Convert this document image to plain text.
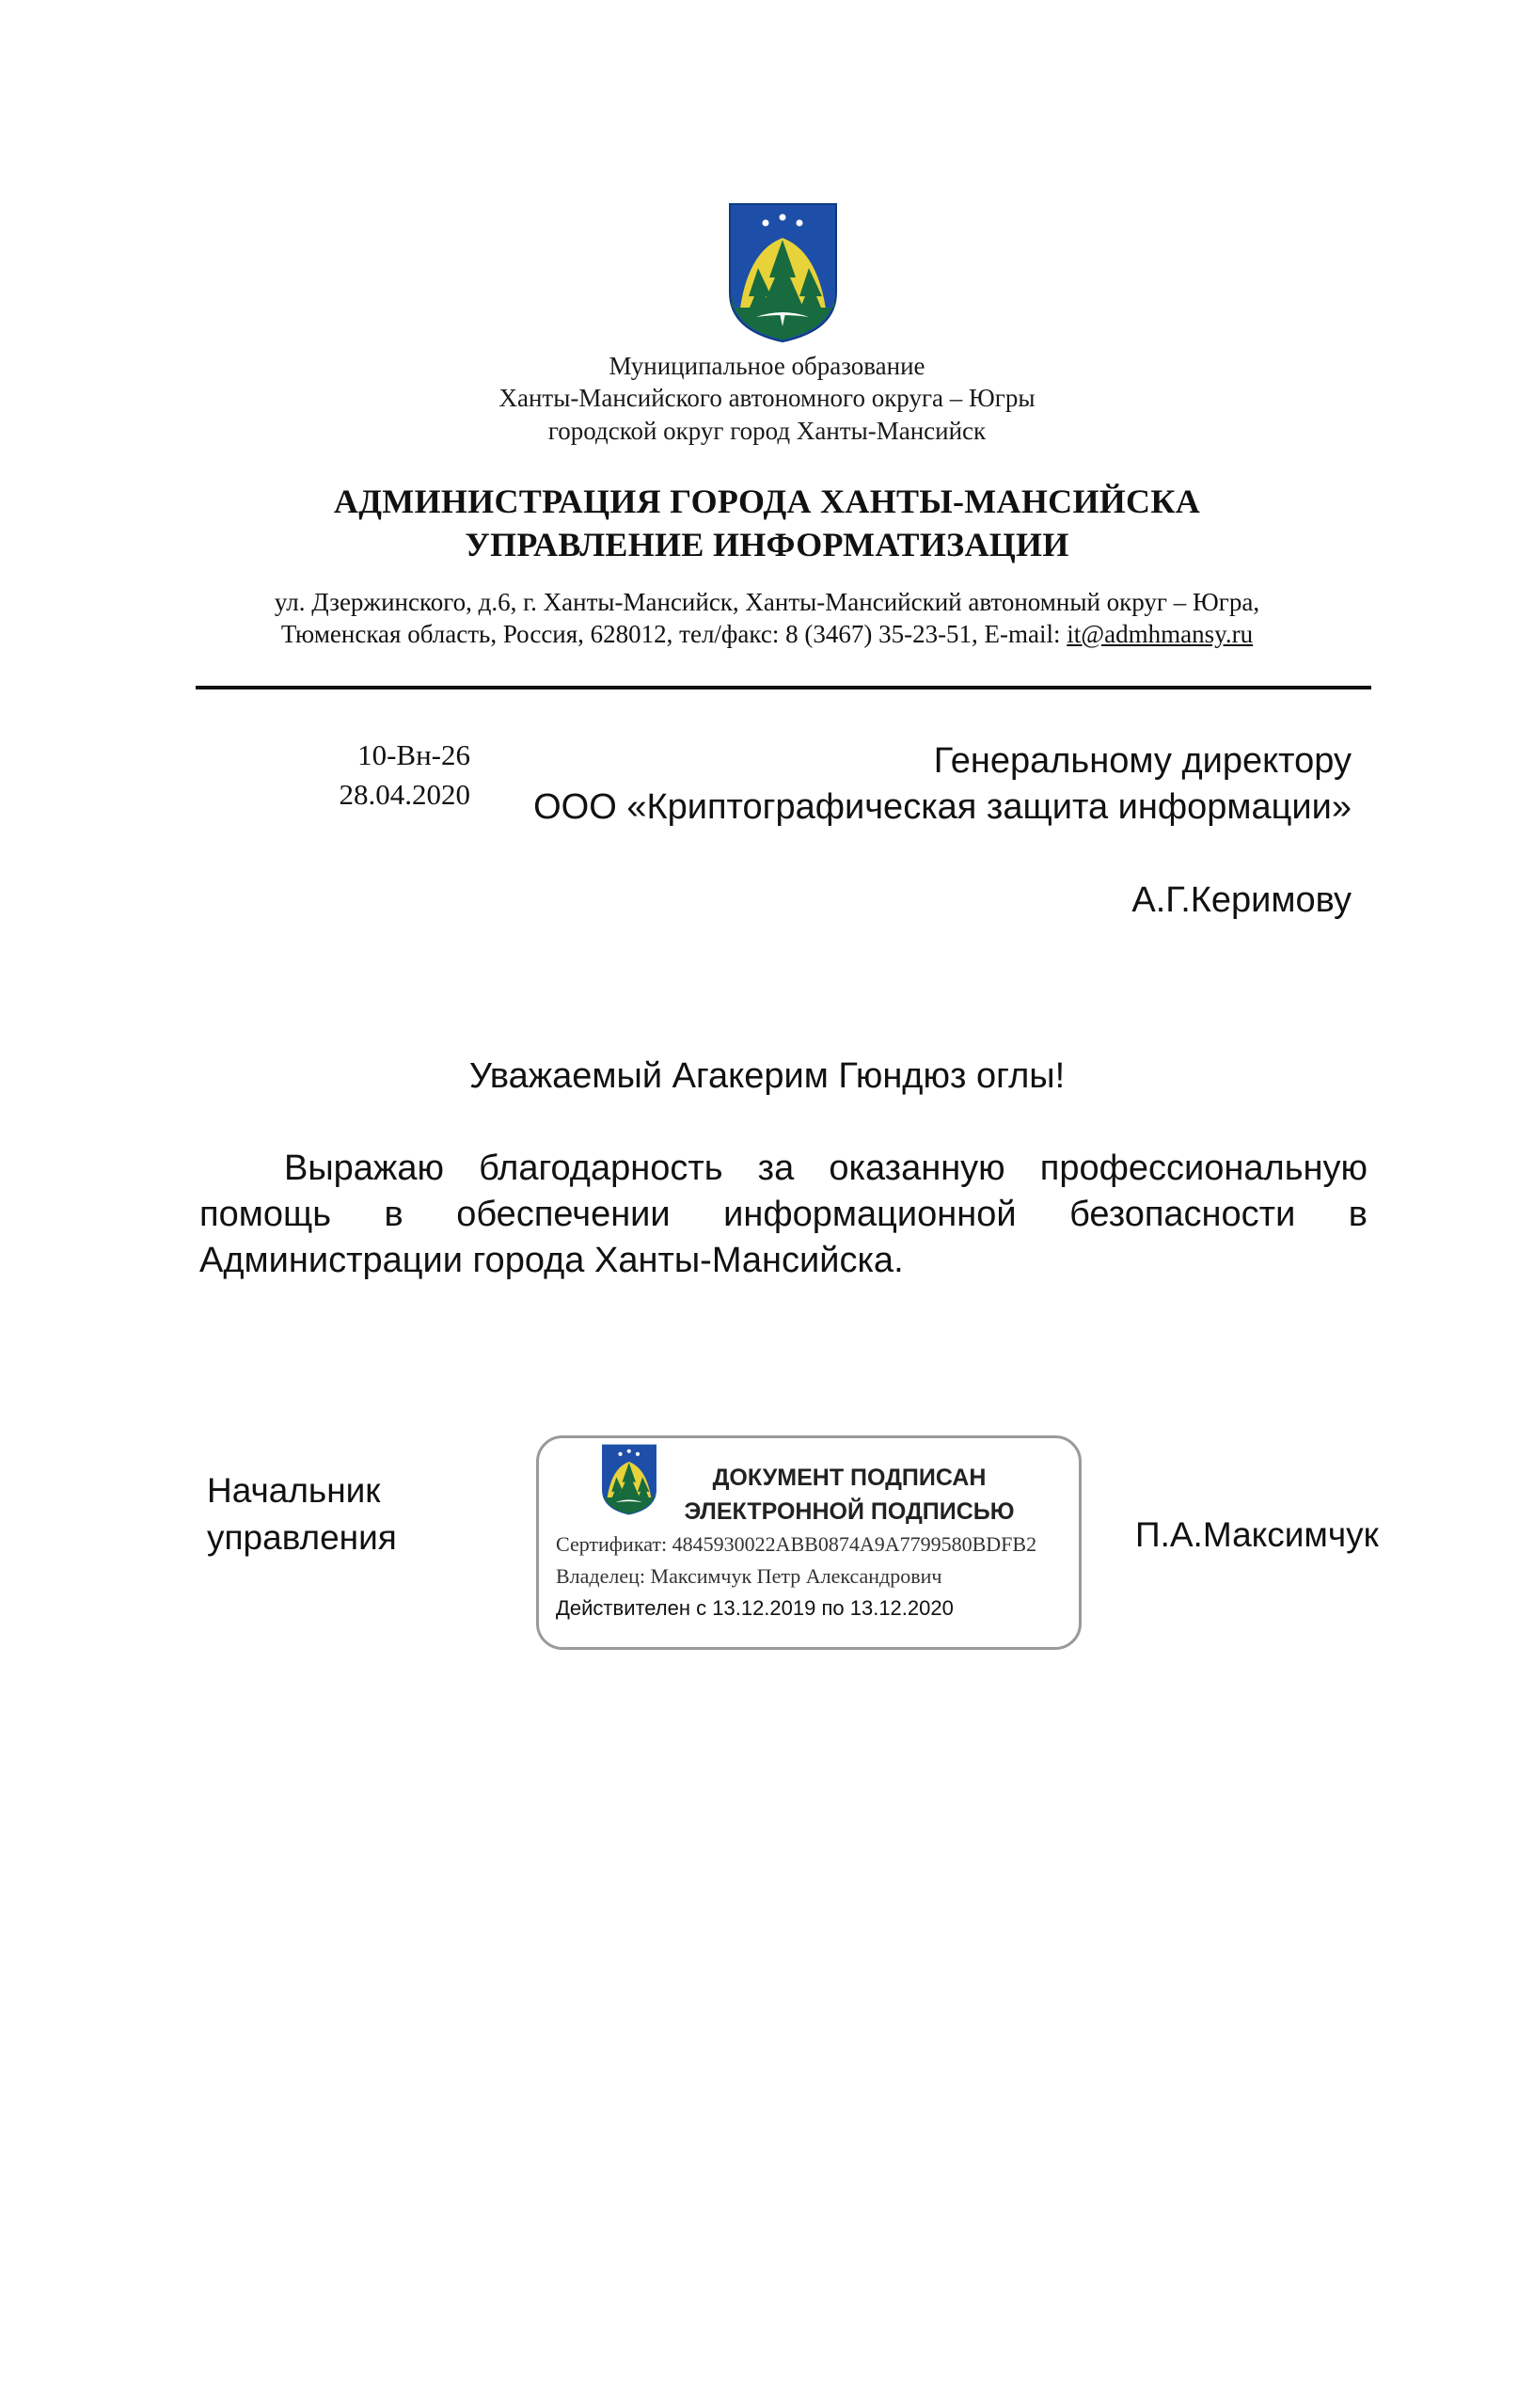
Муниципальное образование
Ханты-Мансийского автономного округа – Югры
городской округ город Ханты-Мансийск
АДМИНИСТРАЦИЯ ГОРОДА ХАНТЫ-МАНСИЙСКА
УПРАВЛЕНИЕ ИНФОРМАТИЗАЦИИ
ул. Дзержинского, д.6, г. Ханты-Мансийск, Ханты-Мансийский автономный округ – Югра,
Тюменская область, Россия, 628012, тел/факс: 8 (3467) 35-23-51, E-mail: it@admhmansy.ru
10-Вн-26
28.04.2020
Генеральному директору
ООО «Криптографическая защита информации»
А.Г.Керимову
Уважаемый Агакерим Гюндюз оглы!
Выражаю благодарность за оказанную профессиональную помощь в обеспечении информационной безопасности в Администрации города Ханты-Мансийска.
Начальник
управления
ДОКУМЕНТ ПОДПИСАН
ЭЛЕКТРОННОЙ ПОДПИСЬЮ
Сертификат: 4845930022ABB0874A9A7799580BDFB2
Владелец: Максимчук Петр Александрович
Действителен с 13.12.2019 по 13.12.2020
П.А.Максимчук
